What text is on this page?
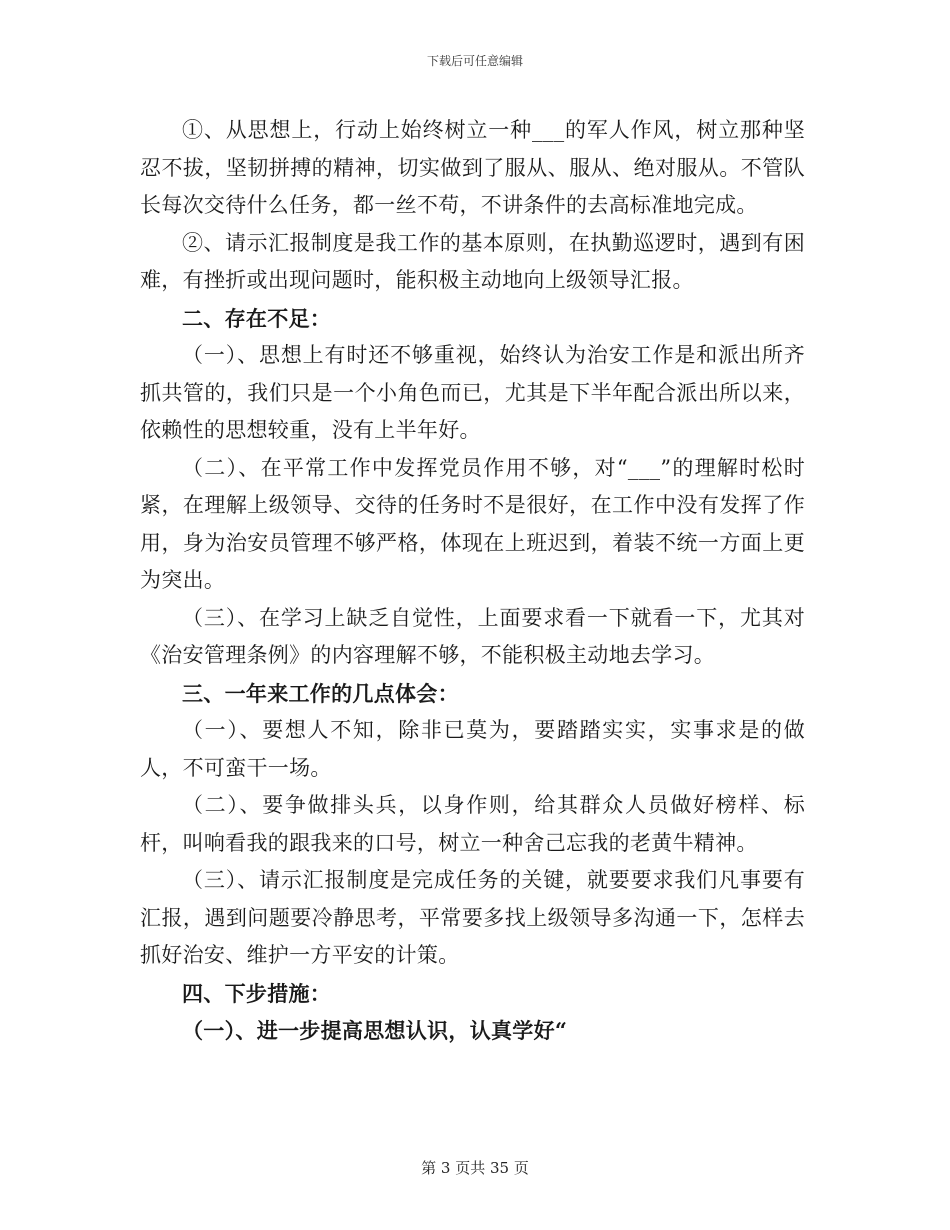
下载后可任意编辑

①、从思想上，行动上始终树立一种___的军人作风，树立那种坚忍不拔，坚韧拼搏的精神，切实做到了服从、服从、绝对服从。不管队长每次交待什么任务，都一丝不苟，不讲条件的去高标准地完成。

②、请示汇报制度是我工作的基本原则，在执勤巡逻时，遇到有困难，有挫折或出现问题时，能积极主动地向上级领导汇报。

二、存在不足：

（一）、思想上有时还不够重视，始终认为治安工作是和派出所齐抓共管的，我们只是一个小角色而已，尤其是下半年配合派出所以来，依赖性的思想较重，没有上半年好。

（二）、在平常工作中发挥党员作用不够，对“___”的理解时松时紧，在理解上级领导、交待的任务时不是很好，在工作中没有发挥了作用，身为治安员管理不够严格，体现在上班迟到，着装不统一方面上更为突出。

（三）、在学习上缺乏自觉性，上面要求看一下就看一下，尤其对《治安管理条例》的内容理解不够，不能积极主动地去学习。

三、一年来工作的几点体会：

（一）、要想人不知，除非已莫为，要踏踏实实，实事求是的做人，不可蛮干一场。

（二）、要争做排头兵，以身作则，给其群众人员做好榜样、标杆，叫响看我的跟我来的口号，树立一种舍己忘我的老黄牛精神。

（三）、请示汇报制度是完成任务的关键，就要要求我们凡事要有汇报，遇到问题要冷静思考，平常要多找上级领导多沟通一下，怎样去抓好治安、维护一方平安的计策。

四、下步措施：

（一）、进一步提高思想认识，认真学好“

第 3 页共 35 页
